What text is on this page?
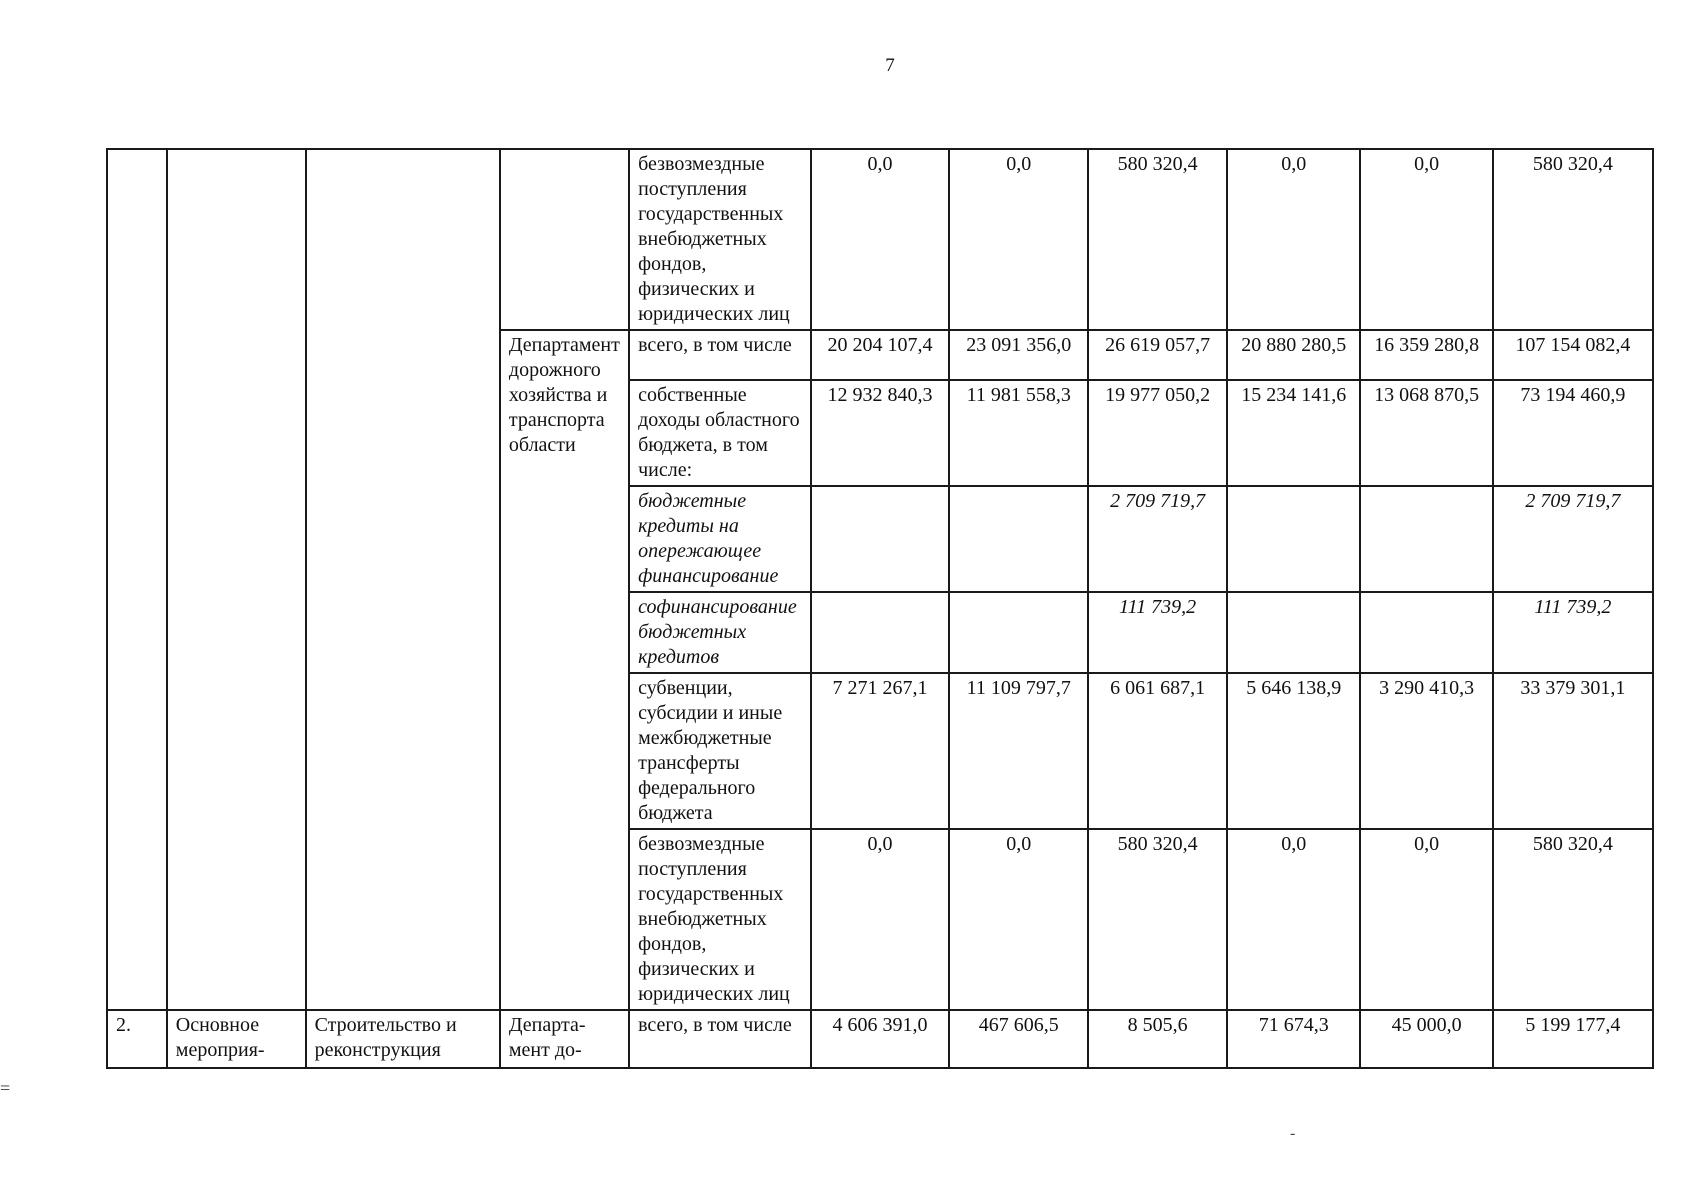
7
				безвозмездные поступления государственных внебюджетных фондов, физических и юридических лиц	0,0	0,0	580 320,4	0,0	0,0	580 320,4
			Департамент дорожного хозяйства и транспорта области	всего, в том числе	20 204 107,4	23 091 356,0	26 619 057,7	20 880 280,5	16 359 280,8	107 154 082,4
				собственные доходы областного бюджета, в том числе:	12 932 840,3	11 981 558,3	19 977 050,2	15 234 141,6	13 068 870,5	73 194 460,9
				бюджетные кредиты на опережающее финансирование			2 709 719,7			2 709 719,7
				софинансирование бюджетных кредитов			111 739,2			111 739,2
				субвенции, субсидии и иные межбюджетные трансферты федерального бюджета	7 271 267,1	11 109 797,7	6 061 687,1	5 646 138,9	3 290 410,3	33 379 301,1
				безвозмездные поступления государственных внебюджетных фондов, физических и юридических лиц	0,0	0,0	580 320,4	0,0	0,0	580 320,4
2.	Основное мероприя-	Строительство и реконструкция	Департа- мент до-	всего, в том числе	4 606 391,0	467 606,5	8 505,6	71 674,3	45 000,0	5 199 177,4
=
-
